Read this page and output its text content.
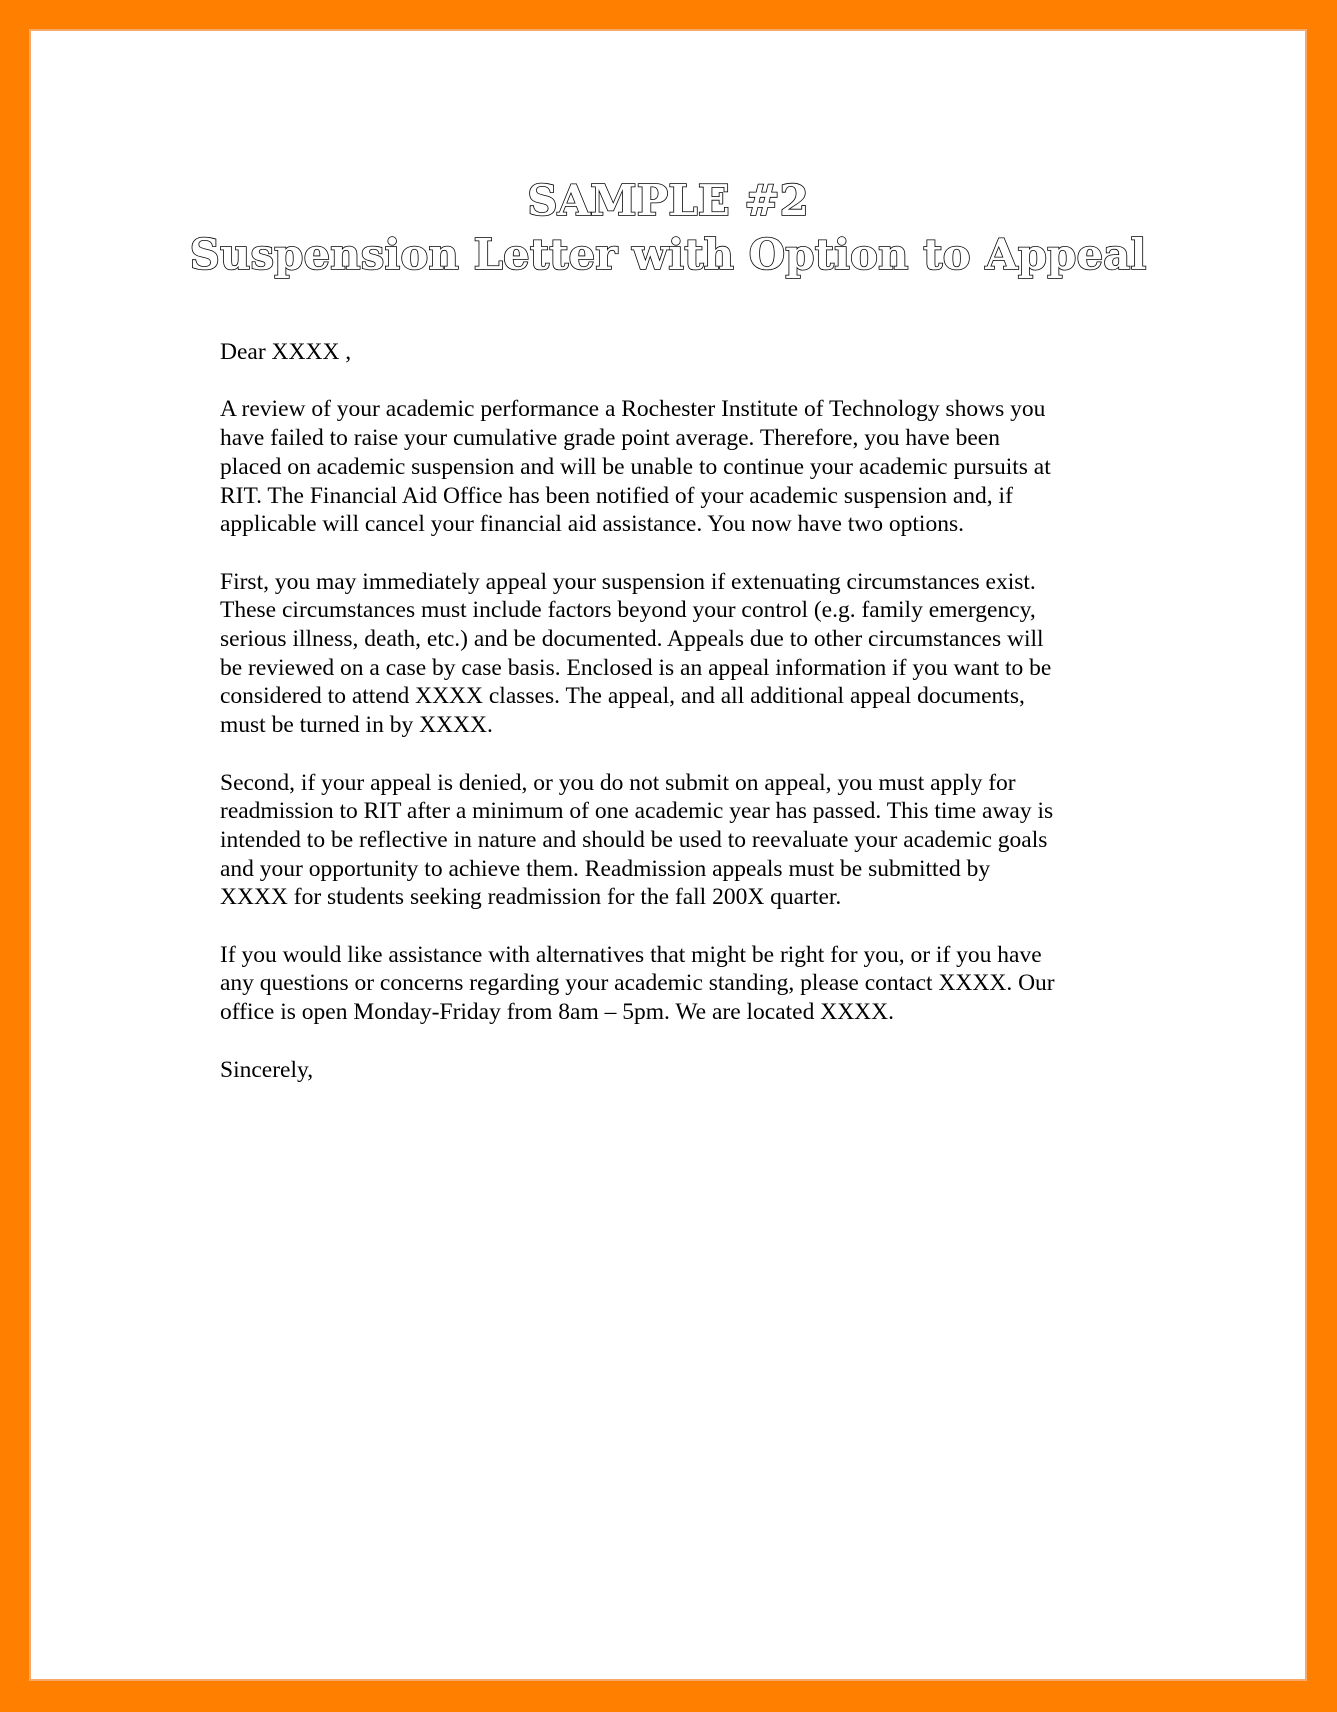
SAMPLE #2
Suspension Letter with Option to Appeal

Dear XXXX ,

A review of your academic performance a Rochester Institute of Technology shows you
have failed to raise your cumulative grade point average. Therefore, you have been
placed on academic suspension and will be unable to continue your academic pursuits at
RIT. The Financial Aid Office has been notified of your academic suspension and, if
applicable will cancel your financial aid assistance. You now have two options.

First, you may immediately appeal your suspension if extenuating circumstances exist.
These circumstances must include factors beyond your control (e.g. family emergency,
serious illness, death, etc.) and be documented. Appeals due to other circumstances will
be reviewed on a case by case basis. Enclosed is an appeal information if you want to be
considered to attend XXXX classes. The appeal, and all additional appeal documents,
must be turned in by XXXX.

Second, if your appeal is denied, or you do not submit on appeal, you must apply for
readmission to RIT after a minimum of one academic year has passed. This time away is
intended to be reflective in nature and should be used to reevaluate your academic goals
and your opportunity to achieve them. Readmission appeals must be submitted by
XXXX for students seeking readmission for the fall 200X quarter.

If you would like assistance with alternatives that might be right for you, or if you have
any questions or concerns regarding your academic standing, please contact XXXX. Our
office is open Monday-Friday from 8am – 5pm. We are located XXXX.

Sincerely,
